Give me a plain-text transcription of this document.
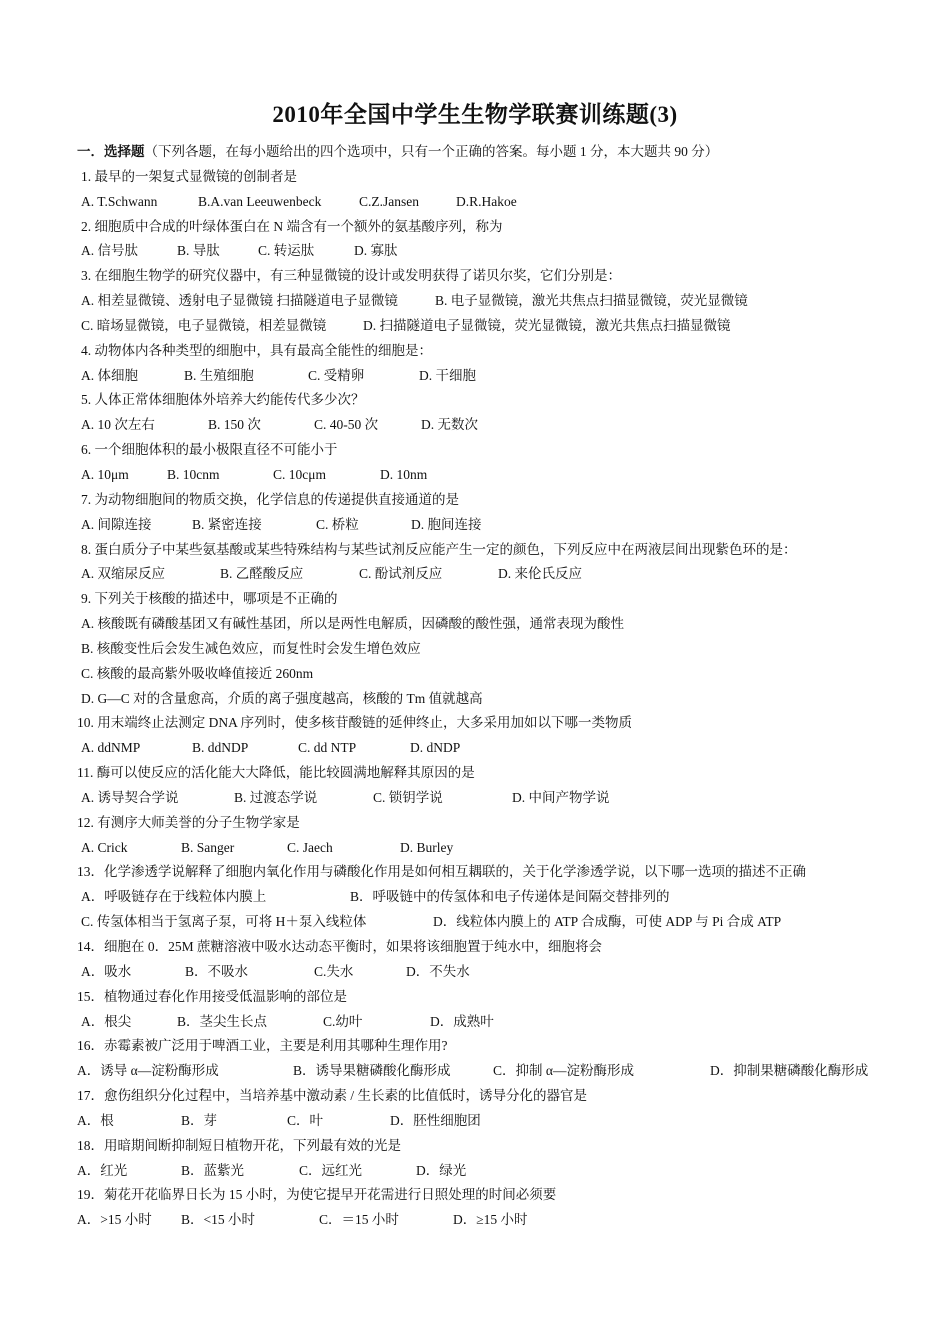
2010年全国中学生生物学联赛训练题(3)
一．选择题（下列各题，在每小题给出的四个选项中，只有一个正确的答案。每小题 1 分，本大题共 90 分）
1. 最早的一架复式显微镜的创制者是
A. T.Schwann	B.A.van Leeuwenbeck	C.Z.Jansen	D.R.Hakoe
2. 细胞质中合成的叶绿体蛋白在 N 端含有一个额外的氨基酸序列，称为
A. 信号肽	B. 导肽	C. 转运肽	D. 寡肽
3. 在细胞生物学的研究仪器中，有三种显微镜的设计或发明获得了诺贝尔奖，它们分别是：
A. 相差显微镜、透射电子显微镜 扫描隧道电子显微镜	B. 电子显微镜，激光共焦点扫描显微镜，荧光显微镜
C. 暗场显微镜，电子显微镜，相差显微镜	D. 扫描隧道电子显微镜，荧光显微镜，激光共焦点扫描显微镜
4. 动物体内各种类型的细胞中，具有最高全能性的细胞是：
A. 体细胞	B. 生殖细胞	C. 受精卵	D. 干细胞
5. 人体正常体细胞体外培养大约能传代多少次？
A. 10 次左右	B. 150 次	C. 40-50 次	D. 无数次
6. 一个细胞体积的最小极限直径不可能小于
A. 10μm	B. 10cnm	C. 10cμm	D. 10nm
7. 为动物细胞间的物质交换，化学信息的传递提供直接通道的是
A. 间隙连接	B. 紧密连接	C. 桥粒	D. 胞间连接
8. 蛋白质分子中某些氨基酸或某些特殊结构与某些试剂反应能产生一定的颜色，下列反应中在两液层间出现紫色环的是：
A. 双缩尿反应	B. 乙醛酸反应	C. 酚试剂反应	D. 来伦氏反应
9. 下列关于核酸的描述中，哪项是不正确的
A. 核酸既有磷酸基团又有碱性基团，所以是两性电解质，因磷酸的酸性强，通常表现为酸性
B. 核酸变性后会发生减色效应，而复性时会发生增色效应
C. 核酸的最高紫外吸收峰值接近 260nm
D. G—C 对的含量愈高，介质的离子强度越高，核酸的 Tm 值就越高
10. 用末端终止法测定 DNA 序列时，使多核苷酸链的延伸终止，大多采用加如以下哪一类物质
A. ddNMP	B. ddNDP	C. dd NTP	D. dNDP
11. 酶可以使反应的活化能大大降低，能比较圆满地解释其原因的是
A. 诱导契合学说	B. 过渡态学说	C. 锁钥学说	D. 中间产物学说
12. 有测序大师美誉的分子生物学家是
A. Crick	B. Sanger	C. Jaech	D. Burley
13．化学渗透学说解释了细胞内氧化作用与磷酸化作用是如何相互耦联的，关于化学渗透学说，以下哪一选项的描述不正确
A．呼吸链存在于线粒体内膜上	B．呼吸链中的传氢体和电子传递体是间隔交替排列的
C. 传氢体相当于氢离子泵，可将 H＋泵入线粒体	D．线粒体内膜上的 ATP 合成酶，可使 ADP 与 Pi 合成 ATP
14．细胞在 0．25M 蔗糖溶液中吸水达动态平衡时，如果将该细胞置于纯水中，细胞将会
A．吸水	B．不吸水	C.失水	D．不失水
15．植物通过春化作用接受低温影响的部位是
A．根尖	B．茎尖生长点	C.幼叶	D．成熟叶
16．赤霉素被广泛用于啤酒工业，主要是利用其哪种生理作用?
A．诱导 α—淀粉酶形成	B．诱导果糖磷酸化酶形成	C．抑制 α—淀粉酶形成	D．抑制果糖磷酸化酶形成
17．愈伤组织分化过程中，当培养基中激动素 / 生长素的比值低时，诱导分化的器官是
A．根	B．芽	C．叶	D．胚性细胞团
18．用暗期间断抑制短日植物开花，下列最有效的光是
A．红光	B．蓝紫光	C．远红光	D．绿光
19．菊花开花临界日长为 15 小时，为使它提早开花需进行日照处理的时间必须要
A．>15 小时 B．<15 小时	C．＝15 小时	D．≥15 小时
